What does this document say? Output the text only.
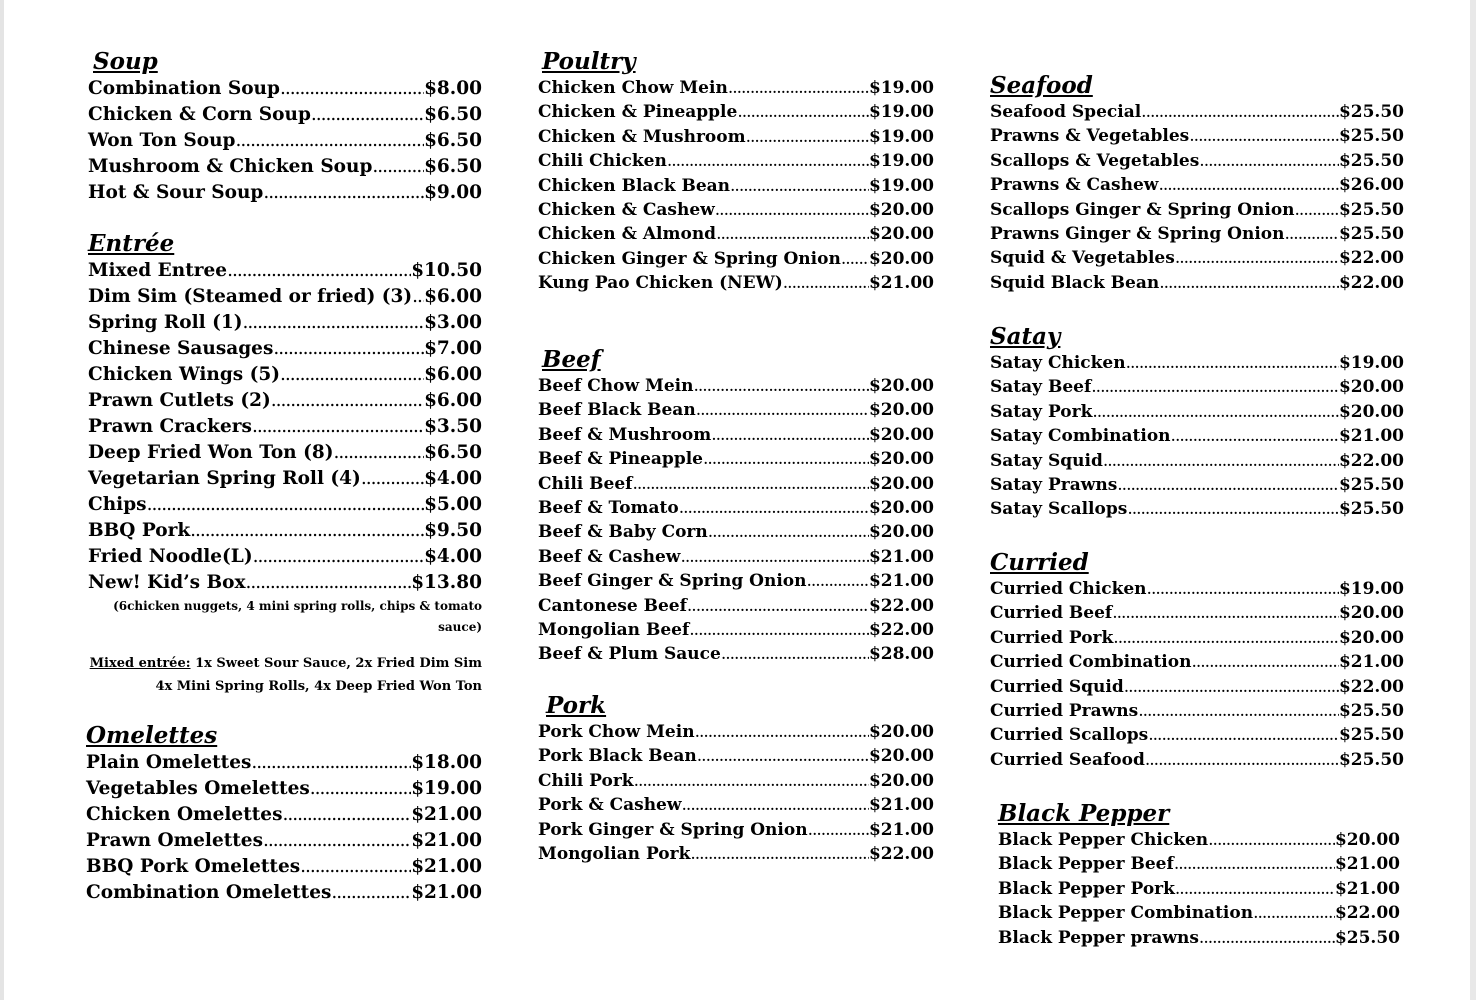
Soup
Combination Soup .....	$8.00
Chicken & Corn Soup .....	$6.50
Won Ton Soup .....	$6.50
Mushroom & Chicken Soup .....	$6.50
Hot & Sour Soup .....	$9.00
Entrée
Mixed Entree .....	$10.50
Dim Sim (Steamed or fried) (3) ..... $6.00
Spring Roll (1) .....	$3.00
Chinese Sausages .....	$7.00
Chicken Wings (5) .....	$6.00
Prawn Cutlets (2) .....	$6.00
Prawn Crackers .....	$3.50
Deep Fried Won Ton (8) .....	$6.50
Vegetarian Spring Roll (4) .....	$4.00
Chips .....	$5.00
BBQ Pork .....	$9.50
Fried Noodle(L) .....	$4.00
New! Kid’s Box .....	$13.80
(6chicken nuggets, 4 mini spring rolls, chips & tomato
sauce)
Mixed entrée: 1x Sweet Sour Sauce, 2x Fried Dim Sim
4x Mini Spring Rolls, 4x Deep Fried Won Ton
Omelettes
Plain Omelettes .....	$18.00
Vegetables Omelettes .....	$19.00
Chicken Omelettes .....	$21.00
Prawn Omelettes .....	$21.00
BBQ Pork Omelettes .....	$21.00
Combination Omelettes .....	$21.00
Poultry
Chicken Chow Mein .....	$19.00
Chicken & Pineapple .....	$19.00
Chicken & Mushroom .....	$19.00
Chili Chicken .....	$19.00
Chicken Black Bean .....	$19.00
Chicken & Cashew .....	$20.00
Chicken & Almond .....	$20.00
Chicken Ginger & Spring Onion ..... $20.00
Kung Pao Chicken (NEW) .....	$21.00
Beef
Beef Chow Mein .....	$20.00
Beef Black Bean .....	$20.00
Beef & Mushroom .....	$20.00
Beef & Pineapple .....	$20.00
Chili Beef .....	$20.00
Beef & Tomato .....	$20.00
Beef & Baby Corn .....	$20.00
Beef & Cashew .....	$21.00
Beef Ginger & Spring Onion .....	$21.00
Cantonese Beef .....	$22.00
Mongolian Beef .....	$22.00
Beef & Plum Sauce .....	$28.00
Pork
Pork Chow Mein .....	$20.00
Pork Black Bean .....	$20.00
Chili Pork .....	$20.00
Pork & Cashew .....	$21.00
Pork Ginger & Spring Onion .....	$21.00
Mongolian Pork .....	$22.00
Seafood
Seafood Special .....	$25.50
Prawns & Vegetables .....	$25.50
Scallops & Vegetables .....	$25.50
Prawns & Cashew .....	$26.00
Scallops Ginger & Spring Onion .....	$25.50
Prawns Ginger & Spring Onion .....	$25.50
Squid & Vegetables .....	$22.00
Squid Black Bean .....	$22.00
Satay
Satay Chicken .....	$19.00
Satay Beef .....	$20.00
Satay Pork .....	$20.00
Satay Combination .....	$21.00
Satay Squid .....	$22.00
Satay Prawns .....	$25.50
Satay Scallops .....	$25.50
Curried
Curried Chicken .....	$19.00
Curried Beef .....	$20.00
Curried Pork .....	$20.00
Curried Combination .....	$21.00
Curried Squid .....	$22.00
Curried Prawns .....	$25.50
Curried Scallops .....	$25.50
Curried Seafood .....	$25.50
Black Pepper
Black Pepper Chicken .....	$20.00
Black Pepper Beef .....	$21.00
Black Pepper Pork .....	$21.00
Black Pepper Combination .....	$22.00
Black Pepper prawns .....	$25.50
